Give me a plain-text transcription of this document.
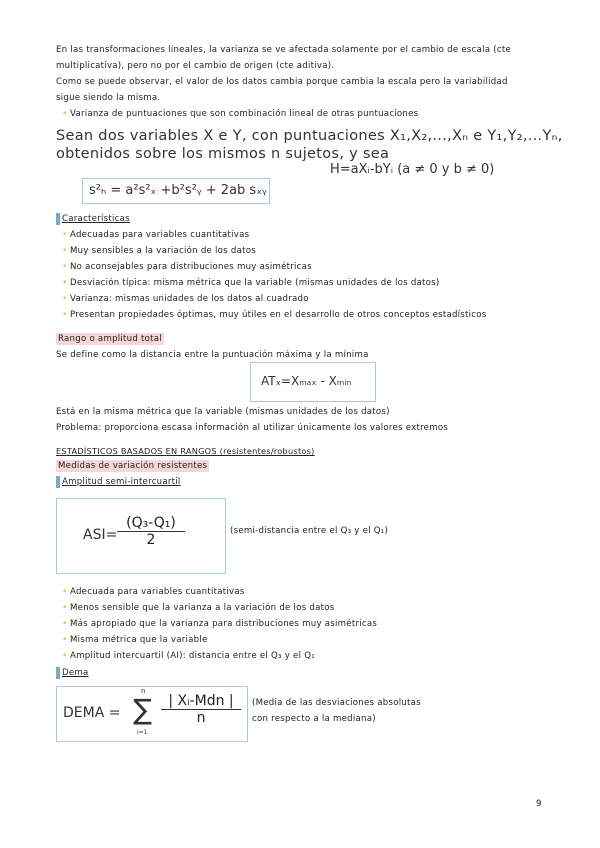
En las transformaciones lineales, la varianza se ve afectada solamente por el cambio de escala (cte
multiplicativa), pero no por el cambio de origen (cte aditiva).
Como se puede observar, el valor de los datos cambia porque cambia la escala pero la variabilidad
sigue siendo la misma.
• Varianza de puntuaciones que son combinación lineal de otras puntuaciones
Sean dos variables X e Y, con puntuaciones X₁,X₂,...,Xₙ e Y₁,Y₂,...Yₙ,
obtenidos sobre los mismos n sujetos, y sea
H=aXᵢ-bYᵢ (a ≠ 0 y b ≠ 0)
s²ₕ = a²s²ₓ +b²s²ᵧ + 2ab sₓᵧ
Características
• Adecuadas para variables cuantitativas
• Muy sensibles a la variación de los datos
• No aconsejables para distribuciones muy asimétricas
• Desviación típica: misma métrica que la variable (mismas unidades de los datos)
• Varianza: mismas unidades de los datos al cuadrado
• Presentan propiedades óptimas, muy útiles en el desarrollo de otros conceptos estadísticos
Rango o amplitud total
Se define como la distancia entre la puntuación máxima y la mínima
ATₓ=Xₘₐₓ - Xₘᵢₙ
Está en la misma métrica que la variable (mismas unidades de los datos)
Problema: proporciona escasa información al utilizar únicamente los valores extremos
ESTADÍSTICOS BASADOS EN RANGOS (resistentes/robustos)
Medidas de variación resistentes
Amplitud semi-intercuartil
$ASI= \frac{\text{(Q₃-Q₁)}}{2}$	(semi-distancia entre el Q₃ y el Q₁)
• Adecuada para variables cuantitativas
• Menos sensible que la varianza a la variación de los datos
• Más apropiado que la varianza para distribuciones muy asimétricas
• Misma métrica que la variable
• Amplitud intercuartil (AI): distancia entre el Q₃ y el Q₁
Dema
DEMA =
n
∑
i=1
| Xᵢ-Mdn |
n
(Media de las desviaciones absolutas
con respecto a la mediana)
9
